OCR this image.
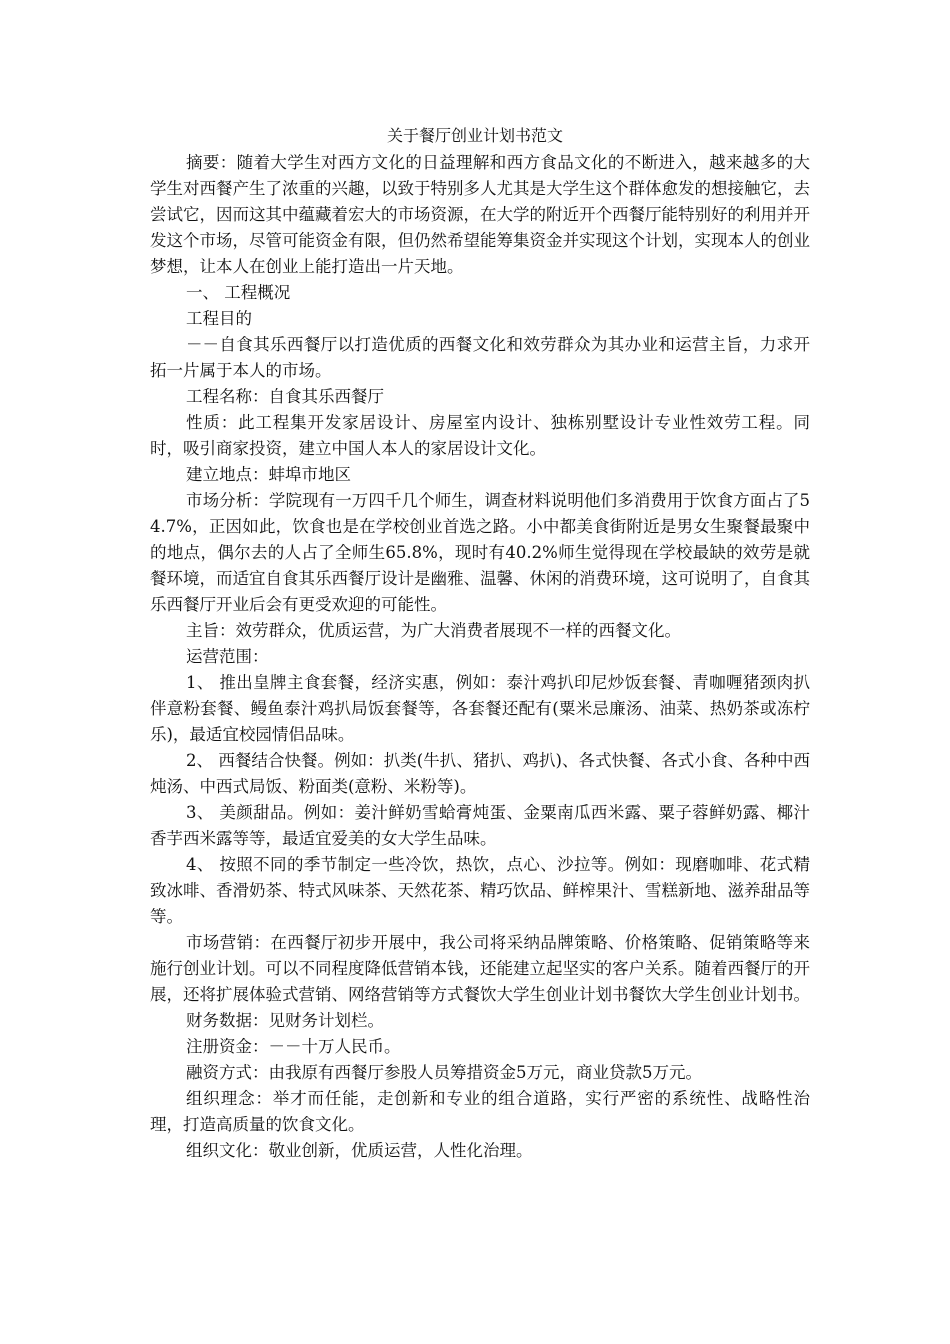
关于餐厅创业计划书范文

摘要：随着大学生对西方文化的日益理解和西方食品文化的不断进入，越来越多的大学生对西餐产生了浓重的兴趣，以致于特别多人尤其是大学生这个群体愈发的想接触它，去尝试它，因而这其中蕴藏着宏大的市场资源，在大学的附近开个西餐厅能特别好的利用并开发这个市场，尽管可能资金有限，但仍然希望能筹集资金并实现这个计划，实现本人的创业梦想，让本人在创业上能打造出一片天地。

一、 工程概况

工程目的

－－自食其乐西餐厅以打造优质的西餐文化和效劳群众为其办业和运营主旨，力求开拓一片属于本人的市场。

工程名称：自食其乐西餐厅

性质：此工程集开发家居设计、房屋室内设计、独栋别墅设计专业性效劳工程。同时，吸引商家投资，建立中国人本人的家居设计文化。

建立地点：蚌埠市地区

市场分析：学院现有一万四千几个师生，调查材料说明他们多消费用于饮食方面占了54.7%，正因如此，饮食也是在学校创业首选之路。小中都美食街附近是男女生聚餐最聚中的地点，偶尔去的人占了全师生65.8%，现时有40.2%师生觉得现在学校最缺的效劳是就餐环境，而适宜自食其乐西餐厅设计是幽雅、温馨、休闲的消费环境，这可说明了，自食其乐西餐厅开业后会有更受欢迎的可能性。

主旨：效劳群众，优质运营，为广大消费者展现不一样的西餐文化。

运营范围：

1、 推出皇牌主食套餐，经济实惠，例如：泰汁鸡扒印尼炒饭套餐、青咖喱猪颈肉扒伴意粉套餐、鳗鱼泰汁鸡扒局饭套餐等，各套餐还配有(粟米忌廉汤、油菜、热奶茶或冻柠乐)，最适宜校园情侣品味。

2、 西餐结合快餐。例如：扒类(牛扒、猪扒、鸡扒)、各式快餐、各式小食、各种中西炖汤、中西式局饭、粉面类(意粉、米粉等)。

3、 美颜甜品。例如：姜汁鲜奶雪蛤膏炖蛋、金粟南瓜西米露、粟子蓉鲜奶露、椰汁香芋西米露等等，最适宜爱美的女大学生品味。

4、 按照不同的季节制定一些冷饮，热饮，点心、沙拉等。例如：现磨咖啡、花式精致冰啡、香滑奶茶、特式风味茶、天然花茶、精巧饮品、鲜榨果汁、雪糕新地、滋养甜品等等。

市场营销：在西餐厅初步开展中，我公司将采纳品牌策略、价格策略、促销策略等来施行创业计划。可以不同程度降低营销本钱，还能建立起坚实的客户关系。随着西餐厅的开展，还将扩展体验式营销、网络营销等方式餐饮大学生创业计划书餐饮大学生创业计划书。

财务数据：见财务计划栏。

注册资金：－－十万人民币。

融资方式：由我原有西餐厅参股人员筹措资金5万元，商业贷款5万元。

组织理念：举才而任能，走创新和专业的组合道路，实行严密的系统性、战略性治理，打造高质量的饮食文化。

组织文化：敬业创新，优质运营，人性化治理。
